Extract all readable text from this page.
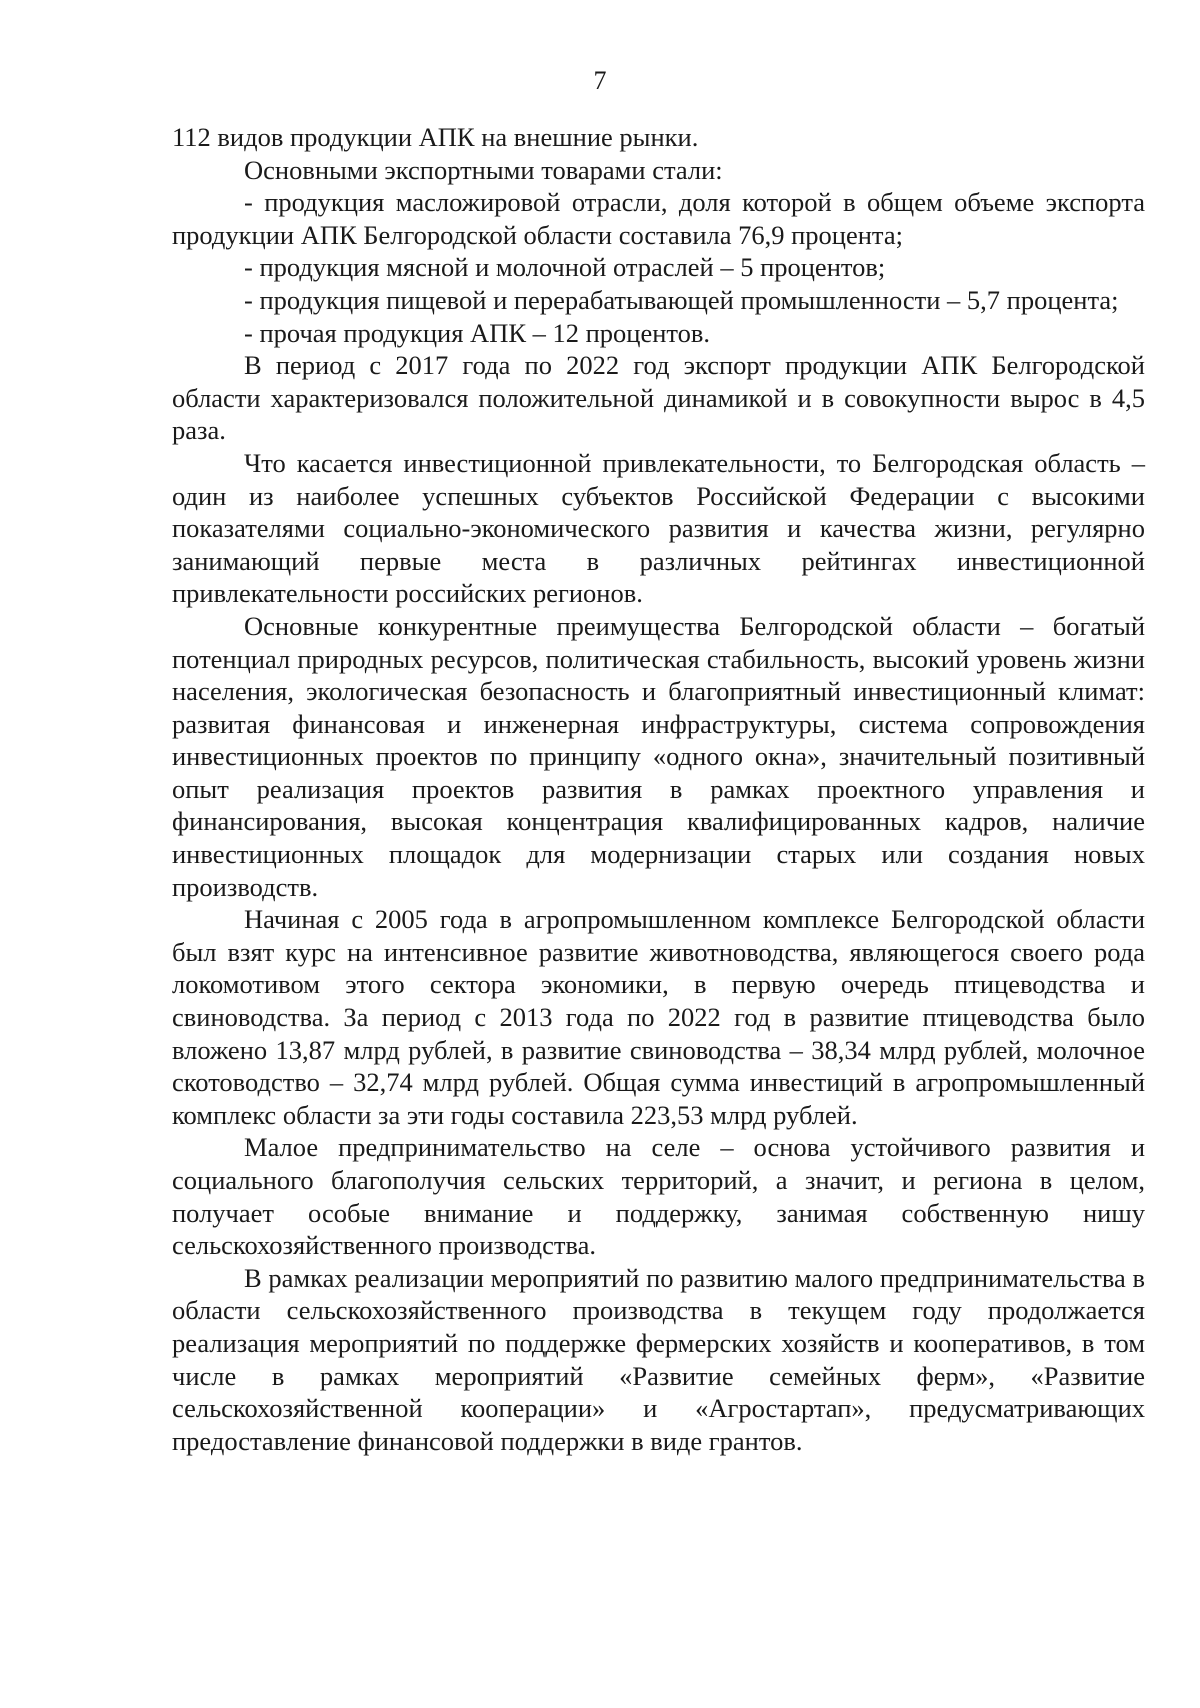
7

112 видов продукции АПК на внешние рынки.

Основными экспортными товарами стали:

- продукция масложировой отрасли, доля которой в общем объеме экспорта продукции АПК Белгородской области составила 76,9 процента;

- продукция мясной и молочной отраслей – 5 процентов;

- продукция пищевой и перерабатывающей промышленности – 5,7 процента;

- прочая продукция АПК – 12 процентов.

В период с 2017 года по 2022 год экспорт продукции АПК Белгородской области характеризовался положительной динамикой и в совокупности вырос в 4,5 раза.

Что касается инвестиционной привлекательности, то Белгородская область – один из наиболее успешных субъектов Российской Федерации с высокими показателями социально-экономического развития и качества жизни, регулярно занимающий первые места в различных рейтингах инвестиционной привлекательности российских регионов.

Основные конкурентные преимущества Белгородской области – богатый потенциал природных ресурсов, политическая стабильность, высокий уровень жизни населения, экологическая безопасность и благоприятный инвестиционный климат: развитая финансовая и инженерная инфраструктуры, система сопровождения инвестиционных проектов по принципу «одного окна», значительный позитивный опыт реализация проектов развития в рамках проектного управления и финансирования, высокая концентрация квалифицированных кадров, наличие инвестиционных площадок для модернизации старых или создания новых производств.

Начиная с 2005 года в агропромышленном комплексе Белгородской области был взят курс на интенсивное развитие животноводства, являющегося своего рода локомотивом этого сектора экономики, в первую очередь птицеводства и свиноводства. За период с 2013 года по 2022 год в развитие птицеводства было вложено 13,87 млрд рублей, в развитие свиноводства – 38,34 млрд рублей, молочное скотоводство – 32,74 млрд рублей. Общая сумма инвестиций в агропромышленный комплекс области за эти годы составила 223,53 млрд рублей.

Малое предпринимательство на селе – основа устойчивого развития и социального благополучия сельских территорий, а значит, и региона в целом, получает особые внимание и поддержку, занимая собственную нишу сельскохозяйственного производства.

В рамках реализации мероприятий по развитию малого предпринимательства в области сельскохозяйственного производства в текущем году продолжается реализация мероприятий по поддержке фермерских хозяйств и кооперативов, в том числе в рамках мероприятий «Развитие семейных ферм», «Развитие сельскохозяйственной кооперации» и «Агростартап», предусматривающих предоставление финансовой поддержки в виде грантов.
